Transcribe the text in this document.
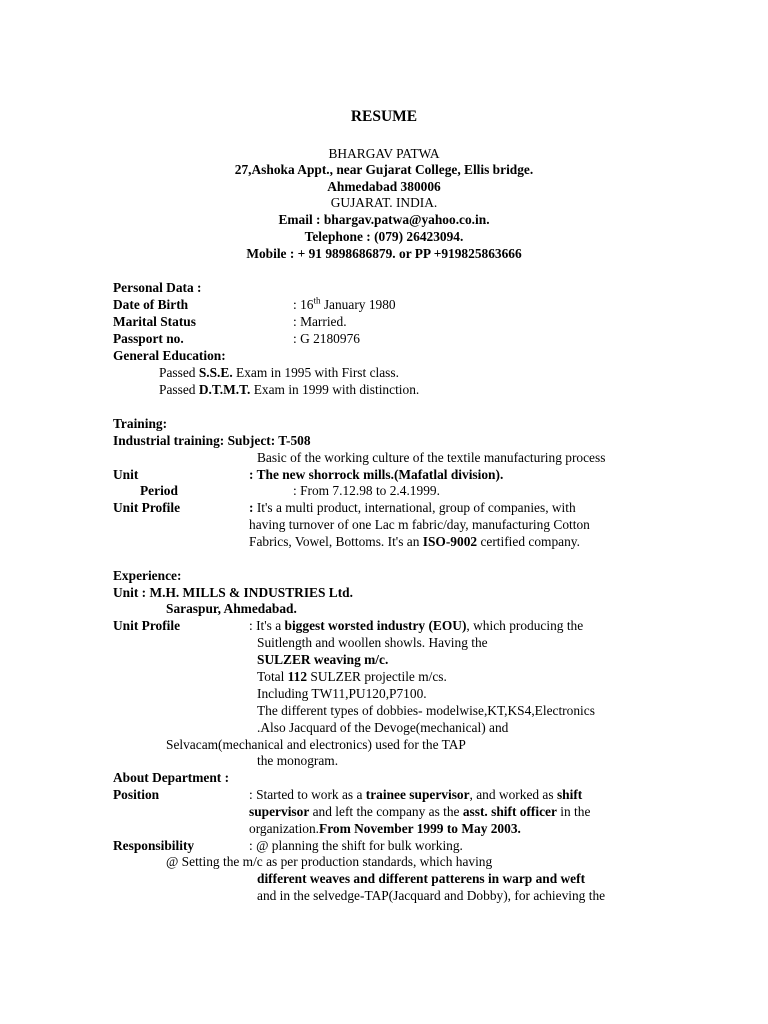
RESUME
BHARGAV PATWA
27,Ashoka Appt., near Gujarat College, Ellis bridge.
Ahmedabad 380006
GUJARAT. INDIA.
Email : bhargav.patwa@yahoo.co.in.
Telephone : (079) 26423094.
Mobile : + 91 9898686879. or PP +919825863666
Personal Data :
Date of Birth	: 16th January 1980
Marital Status	: Married.
Passport no.	: G 2180976
General Education:
Passed S.S.E. Exam in 1995 with First class.
Passed D.T.M.T. Exam in 1999 with distinction.
Training:
Industrial training: Subject: T-508
Basic of the working culture of the textile manufacturing process
Unit	: The new shorrock mills.(Mafatlal division).
Period	: From 7.12.98 to 2.4.1999.
Unit Profile	: It's a multi product, international, group of companies, with
having turnover of one Lac m fabric/day, manufacturing Cotton
Fabrics, Vowel, Bottoms. It's an ISO-9002 certified company.
Experience:
Unit : M.H. MILLS & INDUSTRIES Ltd.
Saraspur, Ahmedabad.
Unit Profile	: It's a biggest worsted industry (EOU), which producing the
Suitlength and woollen showls. Having the
SULZER weaving m/c.
Total 112 SULZER projectile m/cs.
Including TW11,PU120,P7100.
The different types of dobbies- modelwise,KT,KS4,Electronics
.Also Jacquard of the Devoge(mechanical) and
Selvacam(mechanical and electronics) used for the TAP
the monogram.
About Department :
Position	: Started to work as a trainee supervisor, and worked as shift
supervisor and left the company as the asst. shift officer in the
organization.From November 1999 to May 2003.
Responsibility	: @ planning the shift for bulk working.
@ Setting the m/c as per production standards, which having
different weaves and different patterens in warp and weft
and in the selvedge-TAP(Jacquard and Dobby), for achieving the
